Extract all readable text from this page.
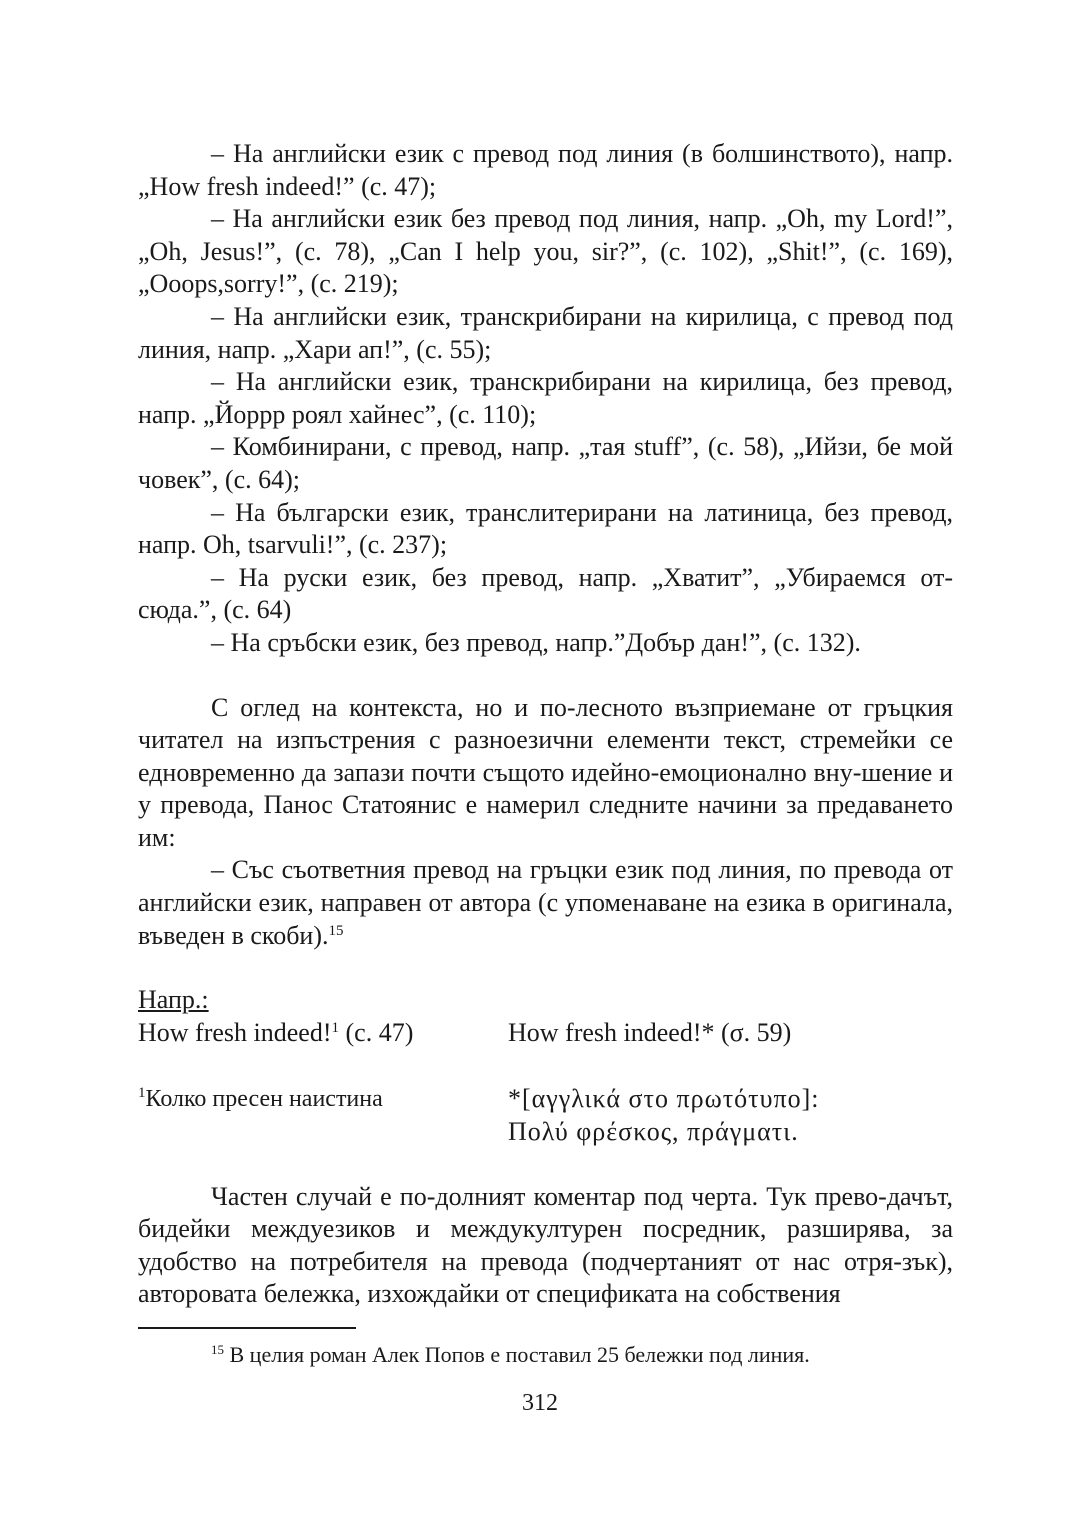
– На английски език с превод под линия (в болшинството), напр. „How fresh indeed!” (с. 47);

– На английски език без превод под линия, напр. „Oh, my Lord!”, „Oh, Jesus!”, (с. 78), „Can I help you, sir?”, (с. 102), „Shit!”, (с. 169), „Ooops,sorry!”, (с. 219);

– На английски език, транскрибирани на кирилица, с превод под линия, напр. „Хари ап!”, (с. 55);

– На английски език, транскрибирани на кирилица, без превод, напр. „Йоррр роял хайнес”, (с. 110);

– Комбинирани, с превод, напр. „тая stuff”, (с. 58), „Ийзи, бе мой човек”, (с. 64);

– На български език, транслитерирани на латиница, без превод, напр. Oh, tsarvuli!”, (с. 237);

– На руски език, без превод, напр. „Хватит”, „Убираемся от-сюда.”, (с. 64)

– На сръбски език, без превод, напр.”Добър дан!”, (с. 132).

С оглед на контекста, но и по-лесното възприемане от гръцкия читател на изпъстрения с разноезични елементи текст, стремейки се едновременно да запази почти същото идейно-емоционално вну-шение и у превода, Панос Статоянис е намерил следните начини за предаването им:

– Със съответния превод на гръцки език под линия, по превода от английски език, направен от автора (с упоменаване на езика в оригинала, въведен в скоби).$^{15}$

Напр.:

How fresh indeed!$^1$ (с. 47)	How fresh indeed!* (σ. 59)
$^1$Колко пресен наистина	*[αγγλικά στο πρωτότυπο]:
Πολύ φρέσκος, πράγματι.

Частен случай е по-долният коментар под черта. Тук прево-дачът, бидейки междуезиков и междукултурен посредник, разширява, за удобство на потребителя на превода (подчертаният от нас отря-зък), авторовата бележка, изхождайки от спецификата на собствения

$^{15}$ В целия роман Алек Попов е поставил 25 бележки под линия.
312
